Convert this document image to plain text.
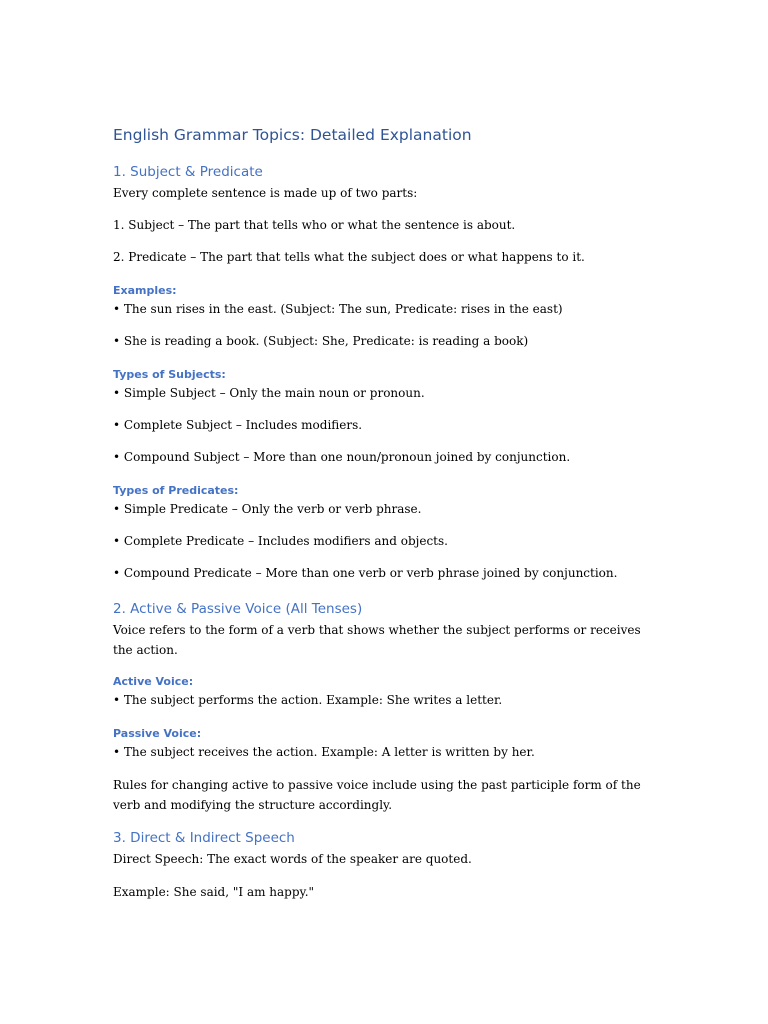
English Grammar Topics: Detailed Explanation
1. Subject & Predicate

Every complete sentence is made up of two parts:

1. Subject – The part that tells who or what the sentence is about.

2. Predicate – The part that tells what the subject does or what happens to it.

Examples:

• The sun rises in the east. (Subject: The sun, Predicate: rises in the east)

• She is reading a book. (Subject: She, Predicate: is reading a book)

Types of Subjects:

• Simple Subject – Only the main noun or pronoun.

• Complete Subject – Includes modifiers.

• Compound Subject – More than one noun/pronoun joined by conjunction.

Types of Predicates:

• Simple Predicate – Only the verb or verb phrase.

• Complete Predicate – Includes modifiers and objects.

• Compound Predicate – More than one verb or verb phrase joined by conjunction.

2. Active & Passive Voice (All Tenses)

Voice refers to the form of a verb that shows whether the subject performs or receives the action.

Active Voice:

• The subject performs the action. Example: She writes a letter.

Passive Voice:

• The subject receives the action. Example: A letter is written by her.

Rules for changing active to passive voice include using the past participle form of the verb and modifying the structure accordingly.

3. Direct & Indirect Speech

Direct Speech: The exact words of the speaker are quoted.

Example: She said, "I am happy."
